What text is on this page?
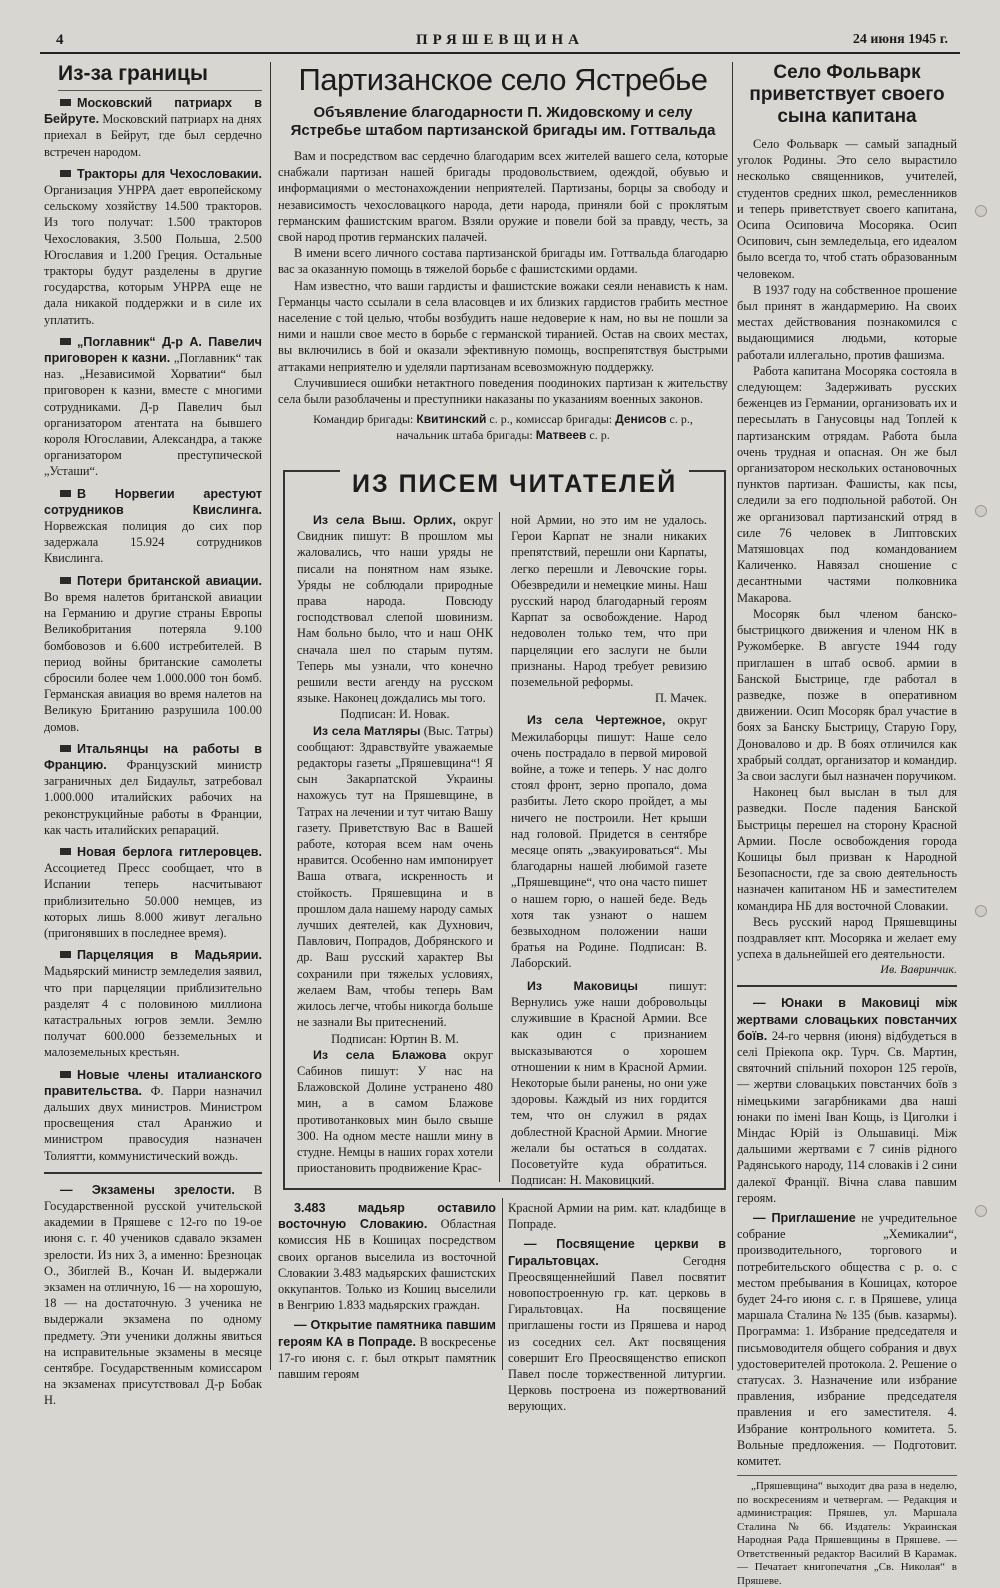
4	ПРЯШЕВЩИНА	24 июня 1945 г.
Из-за границы

Московский патриарх в Бейруте. Московский патриарх на днях приехал в Бейрут, где был сердечно встречен народом.

Тракторы для Чехословакии. Организация УНРРА дает европейскому сельскому хозяйству 14.500 тракторов. Из того получат: 1.500 тракторов Чехословакия, 3.500 Польша, 2.500 Югославия и 1.200 Греция. Остальные тракторы будут разделены в другие государства, которым УНРРА еще не дала никакой поддержки и в силе их уплатить.

„Поглавник“ Д-р А. Павелич приговорен к казни. „Поглавник“ так наз. „Независимой Хорватии“ был приговорен к казни, вместе с многими сотрудниками. Д-р Павелич был организатором атентата на бывшего короля Югославии, Александра, а также организатором преступической „Усташи“.

В Норвегии арестуют сотрудников Квислинга. Норвежская полиция до сих пор задержала 15.924 сотрудников Квислинга.

Потери британской авиации. Во время налетов британской авиации на Германию и другие страны Европы Великобритания потеряла 9.100 бомбовозов и 6.600 истребителей. В период войны британские самолеты сбросили более чем 1.000.000 тон бомб. Германская авиация во время налетов на Великую Британию разрушила 100.00 домов.

Итальянцы на работы в Францию. Французский министр заграничных дел Бидаульт, затребовал 1.000.000 италийских рабочих на реконструкцийные работы в Франции, как часть италийских репараций.

Новая берлога гитлеровцев. Ассоциетед Пресс сообщает, что в Испании теперь насчитывают приблизительно 50.000 немцев, из которых лишь 8.000 живут легально (пригонявших в последнее время).

Парцеляция в Мадьярии. Мадьярский министр земледелия заявил, что при парцеляции приблизительно разделят 4 с половиною миллиона катастральных югров земли. Землю получат 600.000 безземельных и малоземельных крестьян.

Новые члены италианского правительства. Ф. Парри назначил дальших двух министров. Министром просвещения стал Аранжио и министром правосудия назначен Толиятти, коммунистический вождь.

— Экзамены зрелости. В Государственной русской учительской академии в Пряшеве с 12-го по 19-ое июня с. г. 40 учеников сдавало экзамен зрелости. Из них 3, а именно: Брезноцак О., Збиглей В., Кочан И. выдержали экзамен на отличную, 16 — на хорошую, 18 — на достаточную. 3 ученика не выдержали экзамена по одному предмету. Эти ученики должны явиться на исправительные экзамены в месяце сентябре. Государственным комиссаром на экзаменах присутствовал Д-р Бобак Н.

Партизанское село Ястребье
Объявление благодарности П. Жидовскому и селу Ястребье штабом партизанской бригады им. Готтвальда

Вам и посредством вас сердечно благодарим всех жителей вашего села, которые снабжали партизан нашей бригады продовольствием, одеждой, обувью и информациями о местонахождении неприятелей. Партизаны, борцы за свободу и независимость чехословацкого народа, дети народа, приняли бой с проклятым германским фашистским врагом. Взяли оружие и повели бой за правду, честь, за свой народ против германских палачей.

В имени всего личного состава партизанской бригады им. Готтвальда благодарю вас за оказанную помощь в тяжелой борьбе с фашистскими ордами.

Нам известно, что ваши гардисты и фашистские вожаки сеяли ненависть к нам. Германцы часто ссылали в села власовцев и их близких гардистов грабить местное население с той целью, чтобы возбудить наше недоверие к нам, но вы не пошли за ними и нашли свое место в борьбе с германской тиранией. Остав на своих местах, вы включились в бой и оказали эфективную помощь, воспрепятствуя быстрыми аттаками неприятелю и уделяли партизанам всевозможную поддержку.

Случившиеся ошибки нетактного поведения поодиноких партизан к жительству села были разоблачены и преступники наказаны по указаниям военных законов.

Командир бригады: Квитинский с. р., комиссар бригады: Денисов с. р.,
начальник штаба бригады: Матвеев с. р.
ИЗ ПИСЕМ ЧИТАТЕЛЕЙ

Из села Выш. Орлих, округ Свидник пишут: В прошлом мы жаловались, что наши уряды не писали на понятном нам языке. Уряды не соблюдали природные права народа. Повсюду господствовал слепой шовинизм. Нам больно было, что и наш ОНК сначала шел по старым путям. Теперь мы узнали, что конечно решили вести агенду на русском языке. Наконец дождались мы того.

Подписан: И. Новак.

Из села Матляры (Выс. Татры) сообщают: Здравствуйте уважаемые редакторы газеты „Пряшевщина“! Я сын Закарпатской Украины нахожусь тут на Пряшевщине, в Татрах на лечении и тут читаю Вашу газету. Приветствую Вас в Вашей работе, которая всем нам очень нравится. Особенно нам импонирует Ваша отвага, искренность и стойкость. Пряшевщина и в прошлом дала нашему народу самых лучших деятелей, как Духнович, Павлович, Попрадов, Добрянского и др. Ваш русский характер Вы сохранили при тяжелых условиях, желаем Вам, чтобы теперь Вам жилось легче, чтобы никогда больше не зазнали Вы притеснений.

Подписан: Юртин В. М.

Из села Блажова округ Сабинов пишут: У нас на Блажовской Долине устранено 480 мин, а в самом Блажове противотанковых мин было свыше 300. На одном месте нашли мину в студне. Немцы в наших горах хотели приостановить продвижение Крас-

ной Армии, но это им не удалось. Герои Карпат не знали никаких препятствий, перешли они Карпаты, легко перешли и Левочские горы. Обезвредили и немецкие мины. Наш русский народ благодарный героям Карпат за освобождение. Народ недоволен только тем, что при парцеляции его заслуги не были признаны. Народ требует ревизию поземельной реформы.

П. Мачек.

Из села Чертежное, округ Межилаборцы пишут: Наше село очень пострадало в первой мировой войне, а тоже и теперь. У нас долго стоял фронт, зерно пропало, дома разбиты. Лето скоро пройдет, а мы ничего не построили. Нет крыши над головой. Придется в сентябре месяце опять „эвакуироваться“. Мы благодарны нашей любимой газете „Пряшевщине“, что она часто пишет о нашем горю, о нашей беде. Ведь хотя так узнают о нашем безвыходном положении наши братья на Родине. Подписан: В. Лаборский.

Из Маковицы	пишут: Вернулись уже наши добровольцы служившие в Красной Армии. Все как один с признанием высказываются о хорошем отношении к ним в Красной Армии. Некоторые были ранены, но они уже здоровы. Каждый из них гордится тем, что он служил в рядах доблестной Красной Армии. Многие желали бы остаться в солдатах. Посоветуйте куда обратиться. Подписан: Н. Маковицкий.

3.483 мадьяр оставило восточную Словакию. Областная комиссия НБ в Кошицах посредством своих органов выселила из восточной Словакии 3.483 мадьярских фашистских оккупантов. Только из Кошиц выселили в Венгрию 1.833 мадьярских граждан.

— Открытие памятника павшим героям КА в Попраде. В воскресенье 17-го июня с. г. был открыт памятник павшим героям

Красной Армии на рим. кат. кладбище в Попраде.

— Посвящение церкви в Гиральтовцах.	Сегодня Преосвященнейший Павел посвятит новопостроенную гр. кат. церковь в Гиральтовцах. На посвящение приглашены гости из Пряшева и народ из соседних сел. Акт посвящения совершит Его Преосвященство епископ Павел после торжественной литургии. Церковь построена из пожертвований верующих.

Село Фольварк приветствует своего сына капитана

Село Фольварк — самый западный уголок Родины. Это село вырастило несколько священников, учителей, студентов средних школ, ремесленников и теперь приветствует своего капитана, Осипа Осиповича Мосоряка. Осип Осипович, сын земледельца, его идеалом было всегда то, чтоб стать образованным человеком.

В 1937 году на собственное прошение был принят в жандармерию. На своих местах действования познакомился с выдающимися людьми, которые работали иллегально, против фашизма.

Работа капитана Мосоряка состояла в следующем: Задерживать русских беженцев из Германии, организовать их и пересылать в Ганусовцы над Топлей к партизанским отрядам. Работа была очень трудная и опасная. Он же был организатором нескольких остановочных пунктов партизан. Фашисты, как псы, следили за его подпольной работой. Он же организовал партизанский отряд в силе 76 человек в Липтовских Матяшовцах под командованием Каличенко. Навязал сношение с десантными частями полковника Макарова.

Мосоряк был членом банско-быстрицкого движения и членом НК в Ружомберке. В августе 1944 году приглашен в штаб освоб. армии в Банской Быстрице, где работал в разведке, позже в оперативном движении. Осип Мосоряк брал участие в боях за Банску Быстрицу, Старую Гору, Доновалово и др. В боях отличился как храбрый солдат, организатор и командир. За свои заслуги был назначен поручиком.

Наконец был выслан в тыл для разведки. После падения Банской Быстрицы перешел на сторону Красной Армии. После освобождения города Кошицы был призван к Народной Безопасности, где за свою деятельность назначен капитаном НБ и заместителем командира НБ для восточной Словакии.

Весь русский народ Пряшевщины поздравляет кпт. Мосоряка и желает ему успеха в дальнейшей его деятельности.

Ив. Вавринчик.

— Юнаки в Маковиці між жертвами словацьких повстанчих боїв. 24-го червня (июня) відбудеться в селі Пріекопа окр. Турч. Св. Мартин, святочний спільний похорон 125 героїв, — жертви словацьких повстанчих боїв з німецькими загарбниками два наші юнаки по імені Іван Кощь, із Циголки і Міндас Юрій із Ольшавиці. Між дальшими жертвами є 7 синів рідного Радянського народу, 114 словаків і 2 сини далекої Франції. Вічна слава павшим героям.

— Приглашение не учредительное собрание „Хемикалии“, производительного, торгового и потребительского общества с р. о. с местом пребывания в Кошицах, которое будет 24-го июня с. г. в Пряшеве, улица маршала Сталина № 135 (быв. казармы). Программа: 1. Избрание председателя и письмоводителя общего собрания и двух удостоверителей протокола. 2. Решение о статусах. 3. Назначение или избрание правления, избрание председателя правления и его заместителя. 4. Избрание контрольного комитета. 5. Вольные предложения. — Подготовит. комитет.

„Пряшевщина“ выходит два раза в неделю, по воскресениям и четвергам. — Редакция и администрация: Пряшев, ул. Маршала Сталина № 66. Издатель: Украинская Народная Рада Пряшевщины в Пряшеве. — Ответственный редактор Василий В Карамак. — Печатает книгопечатня „Св. Николая“ в Пряшеве.
